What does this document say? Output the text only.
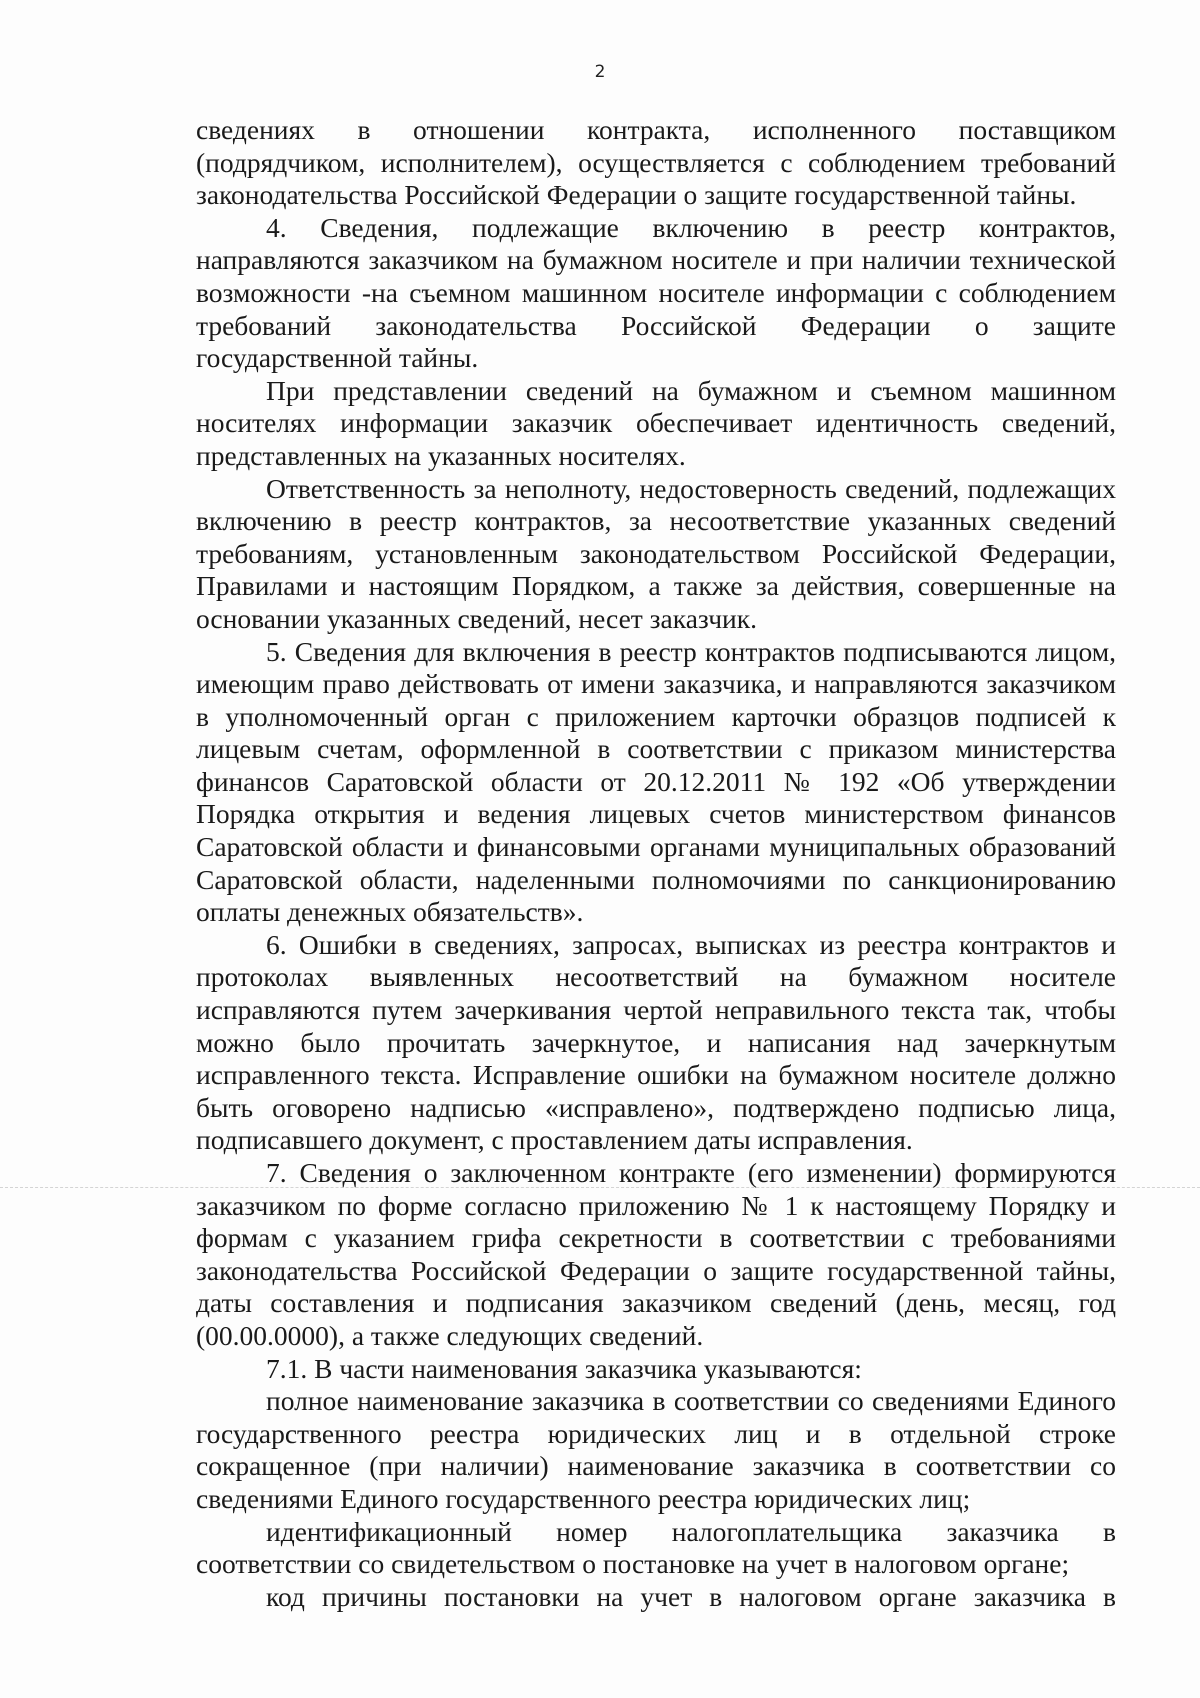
2
сведениях в отношении контракта, исполненного поставщиком
(подрядчиком, исполнителем), осуществляется с соблюдением требований
законодательства Российской Федерации о защите государственной тайны.
4. Сведения, подлежащие включению в реестр контрактов,
направляются заказчиком на бумажном носителе и при наличии технической
возможности -на съемном машинном носителе информации с соблюдением
требований законодательства Российской Федерации о защите
государственной тайны.
При представлении сведений на бумажном и съемном машинном
носителях информации заказчик обеспечивает идентичность сведений,
представленных на указанных носителях.
Ответственность за неполноту, недостоверность сведений, подлежащих
включению в реестр контрактов, за несоответствие указанных сведений
требованиям, установленным законодательством Российской Федерации,
Правилами и настоящим Порядком, а также за действия, совершенные на
основании указанных сведений, несет заказчик.
5. Сведения для включения в реестр контрактов подписываются лицом,
имеющим право действовать от имени заказчика, и направляются заказчиком
в уполномоченный орган с приложением карточки образцов подписей к
лицевым счетам, оформленной в соответствии с приказом министерства
финансов Саратовской области от 20.12.2011 № 192 «Об утверждении
Порядка открытия и ведения лицевых счетов министерством финансов
Саратовской области и финансовыми органами муниципальных образований
Саратовской области, наделенными полномочиями по санкционированию
оплаты денежных обязательств».
6. Ошибки в сведениях, запросах, выписках из реестра контрактов и
протоколах выявленных несоответствий на бумажном носителе
исправляются путем зачеркивания чертой неправильного текста так, чтобы
можно было прочитать зачеркнутое, и написания над зачеркнутым
исправленного текста. Исправление ошибки на бумажном носителе должно
быть оговорено надписью «исправлено», подтверждено подписью лица,
подписавшего документ, с проставлением даты исправления.
7. Сведения о заключенном контракте (его изменении) формируются
заказчиком по форме согласно приложению № 1 к настоящему Порядку и
формам с указанием грифа секретности в соответствии с требованиями
законодательства Российской Федерации о защите государственной тайны,
даты составления и подписания заказчиком сведений (день, месяц, год
(00.00.0000), а также следующих сведений.
7.1. В части наименования заказчика указываются:
полное наименование заказчика в соответствии со сведениями Единого
государственного реестра юридических лиц и в отдельной строке
сокращенное (при наличии) наименование заказчика в соответствии со
сведениями Единого государственного реестра юридических лиц;
идентификационный номер налогоплательщика заказчика в
соответствии со свидетельством о постановке на учет в налоговом органе;
код причины постановки на учет в налоговом органе заказчика в
